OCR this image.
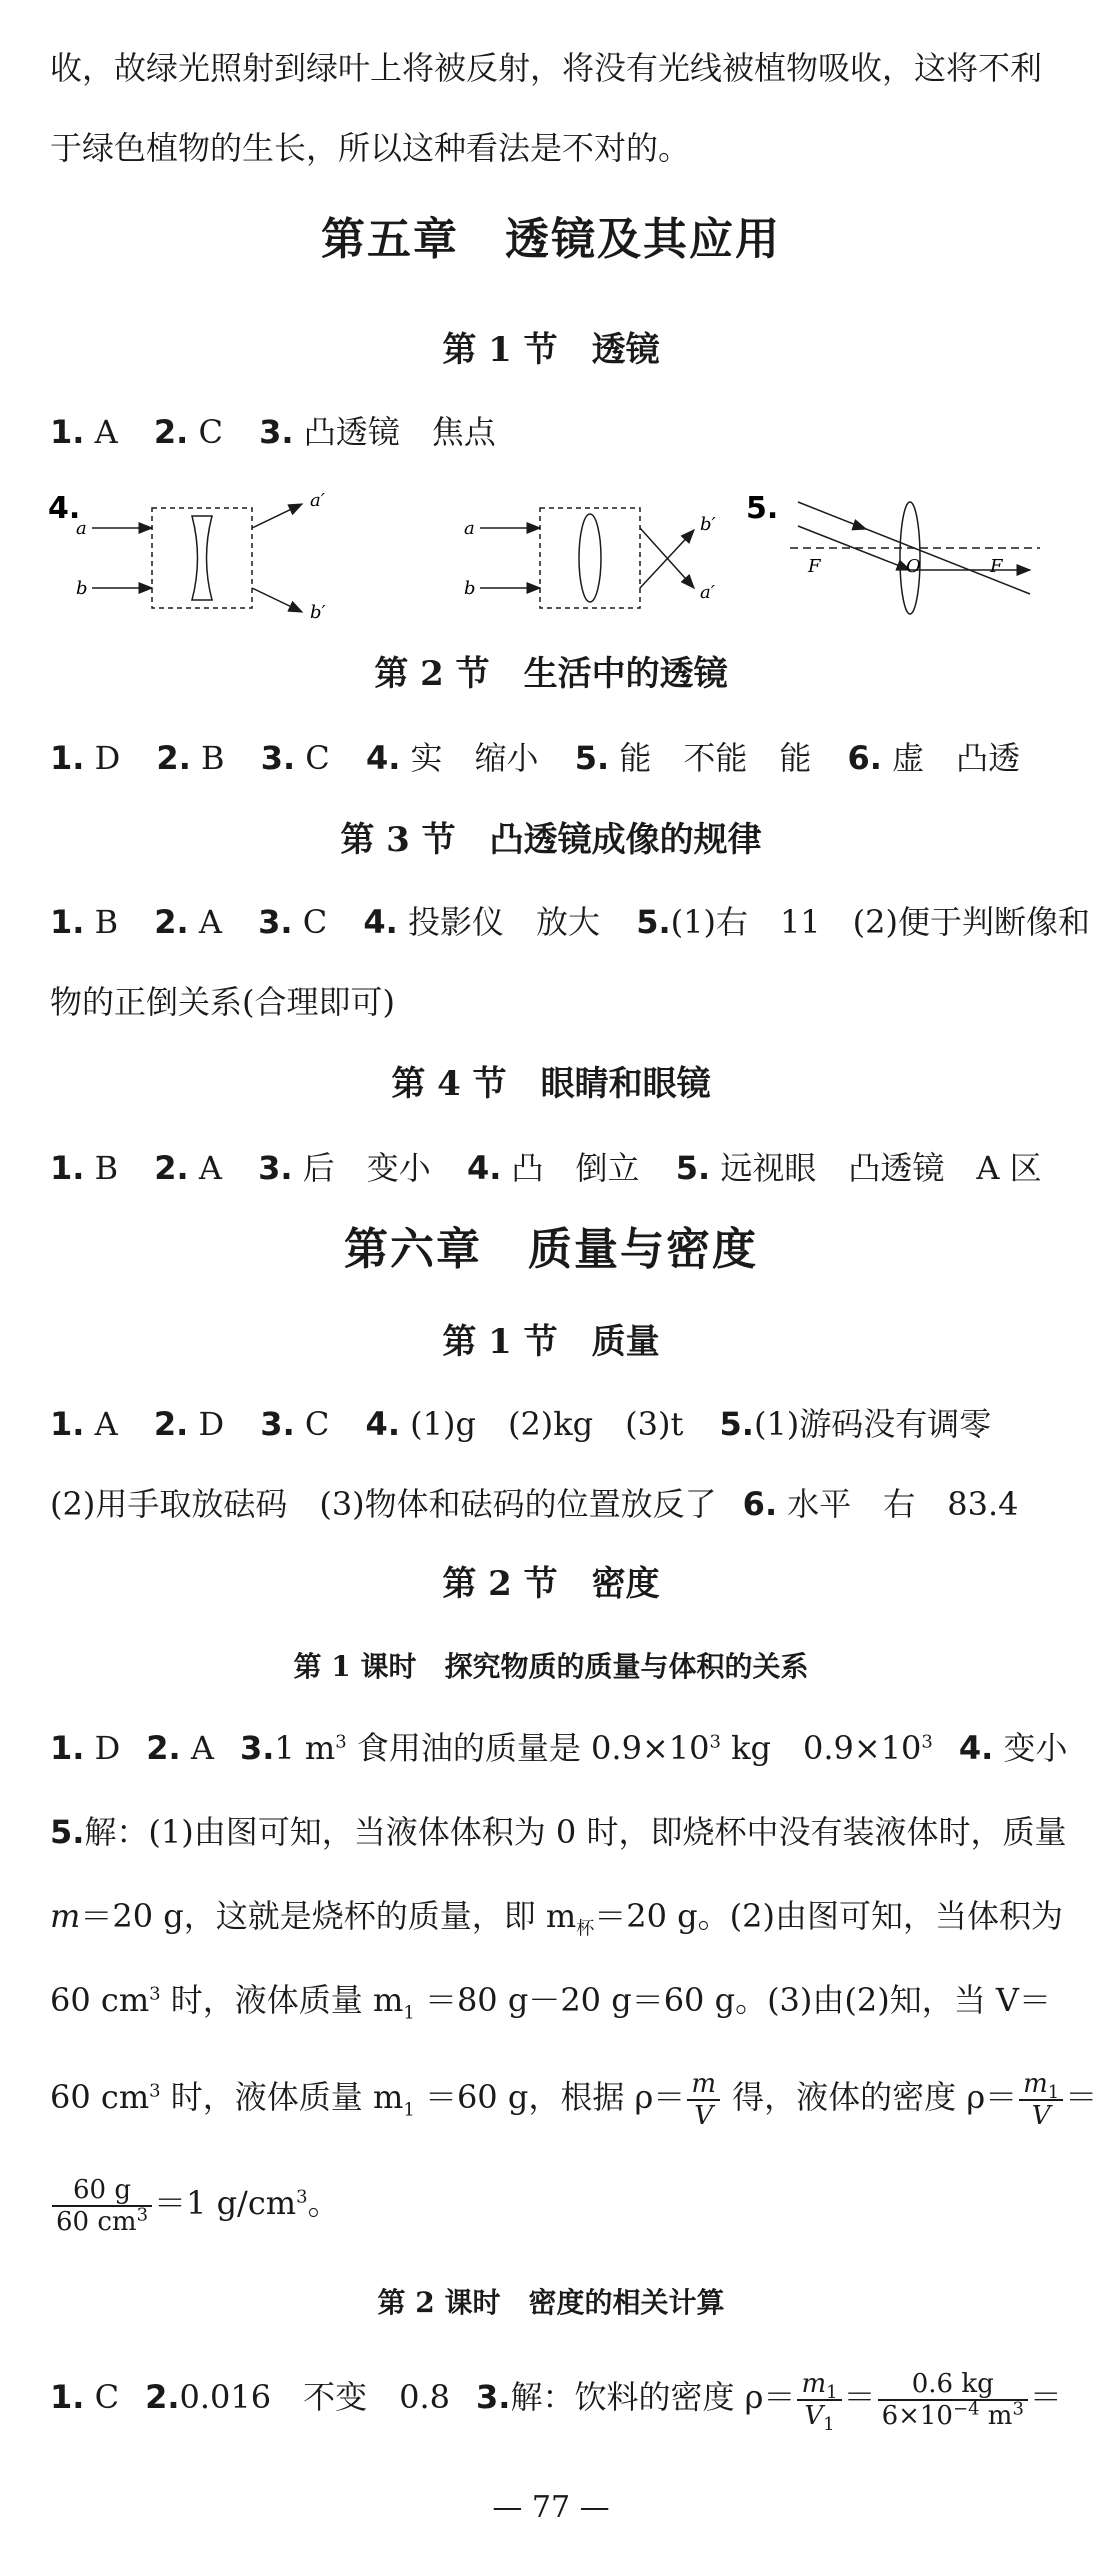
收，故绿光照射到绿叶上将被反射，将没有光线被植物吸收，这将不利
于绿色植物的生长，所以这种看法是不对的。
第五章　透镜及其应用
第 1 节　透镜
1. A 2. C 3. 凸透镜　焦点
4.
a
b
a′
b′
a
b
b′
a′
5.
F	O	F
第 2 节　生活中的透镜
1. D 2. B 3. C 4. 实　缩小 5. 能　不能　能 6. 虚　凸透
第 3 节　凸透镜成像的规律
1. B 2. A 3. C 4. 投影仪　放大 5.(1)右　11　(2)便于判断像和
物的正倒关系(合理即可)
第 4 节　眼睛和眼镜
1. B 2. A 3. 后　变小 4. 凸　倒立 5. 远视眼　凸透镜　A 区
第六章　质量与密度
第 1 节　质量
1. A 2. D 3. C 4. (1)g　(2)kg　(3)t 5.(1)游码没有调零
(2)用手取放砝码　(3)物体和砝码的位置放反了 6. 水平　右　83.4
第 2 节　密度
第 1 课时　探究物质的质量与体积的关系
1. D 2. A 3.1 $m^3$ 食用油的质量是 $0.9\times 10^3$ kg　$0.9\times 10^3$ 4. 变小
5.解：(1)由图可知，当液体体积为 0 时，即烧杯中没有装液体时，质量
m＝20 g，这就是烧杯的质量，即 $m_杯=20$ g。(2)由图可知，当体积为
60 $cm^3$ 时，液体质量 $m_1 =80$ g－20 g＝60 g。(3)由(2)知，当 V＝
60 $cm^3$ 时，液体质量 $m_1 =60$ g，根据 $\rho= \frac{m}{V}$ 得，液体的密度 $\rho= \frac{m_1}{V}$ ＝
$\frac{60 g}{60 cm^3} =1$ $g/cm^3$。
第 2 课时　密度的相关计算
1. C 2.0.016　不变　0.8 3.解：饮料的密度 $\rho= \frac{m_1}{V_1} = \frac{0.6 kg}{6\times 10^{-4} m^3}$ ＝
— 77 —
